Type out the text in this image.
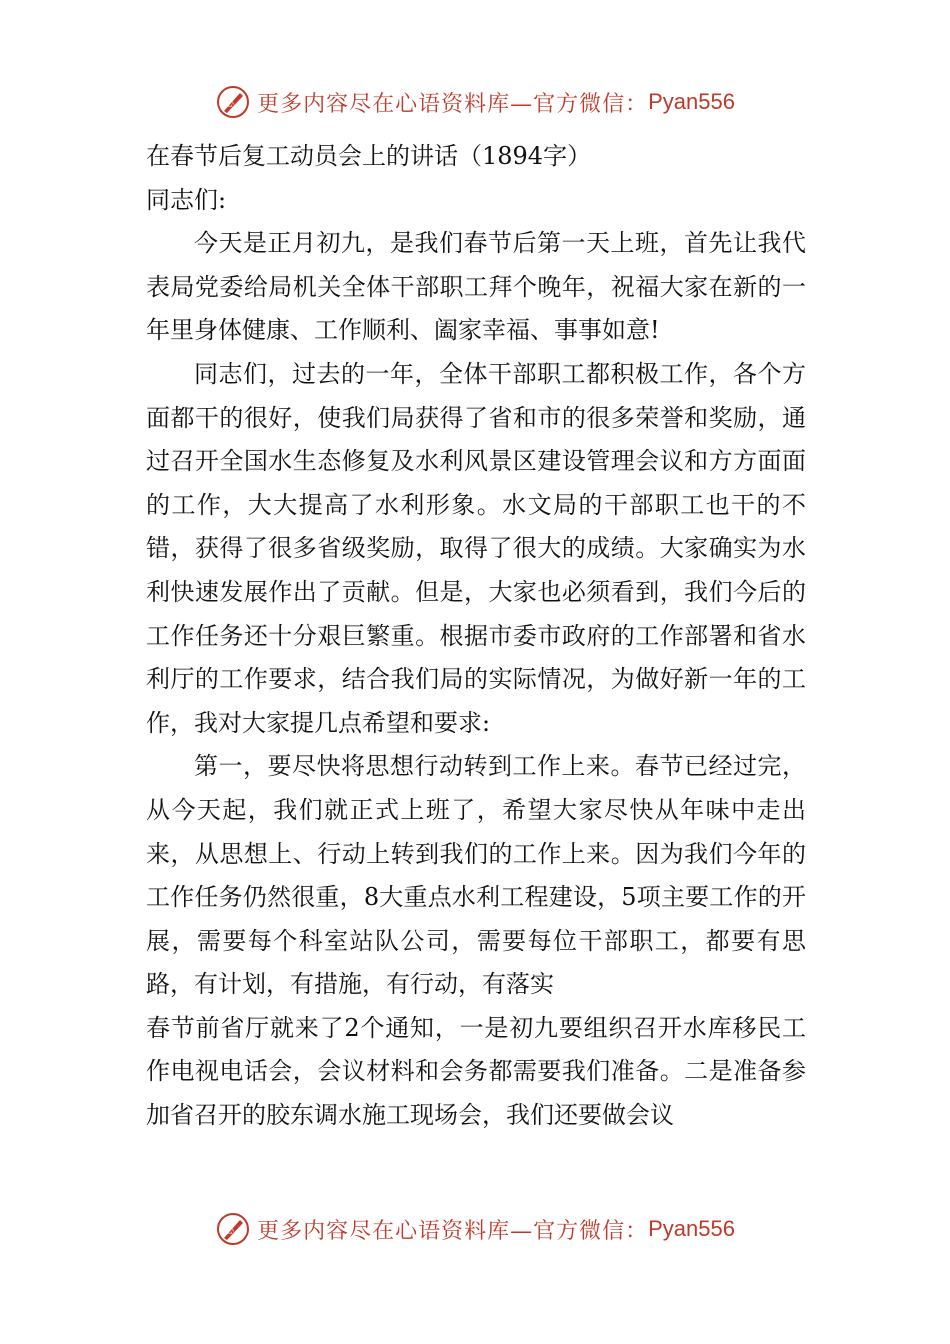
心 更多内容尽在心语资料库—官方微信： Pyan556

在春节后复工动员会上的讲话（1894字）

同志们:

今天是正月初九，是我们春节后第一天上班，首先让我代表局党委给局机关全体干部职工拜个晚年，祝福大家在新的一年里身体健康、工作顺利、阖家幸福、事事如意!

同志们，过去的一年，全体干部职工都积极工作，各个方面都干的很好，使我们局获得了省和市的很多荣誉和奖励，通过召开全国水生态修复及水利风景区建设管理会议和方方面面的工作，大大提高了水利形象。水文局的干部职工也干的不错，获得了很多省级奖励，取得了很大的成绩。大家确实为水利快速发展作出了贡献。但是，大家也必须看到，我们今后的工作任务还十分艰巨繁重。根据市委市政府的工作部署和省水利厅的工作要求，结合我们局的实际情况，为做好新一年的工作，我对大家提几点希望和要求:

第一，要尽快将思想行动转到工作上来。春节已经过完，从今天起，我们就正式上班了，希望大家尽快从年味中走出来，从思想上、行动上转到我们的工作上来。因为我们今年的工作任务仍然很重，8大重点水利工程建设，5项主要工作的开展，需要每个科室站队公司，需要每位干部职工，都要有思路，有计划，有措施，有行动，有落实

春节前省厅就来了2个通知，一是初九要组织召开水库移民工作电视电话会，会议材料和会务都需要我们准备。二是准备参加省召开的胶东调水施工现场会，我们还要做会议

心 更多内容尽在心语资料库—官方微信： Pyan556
